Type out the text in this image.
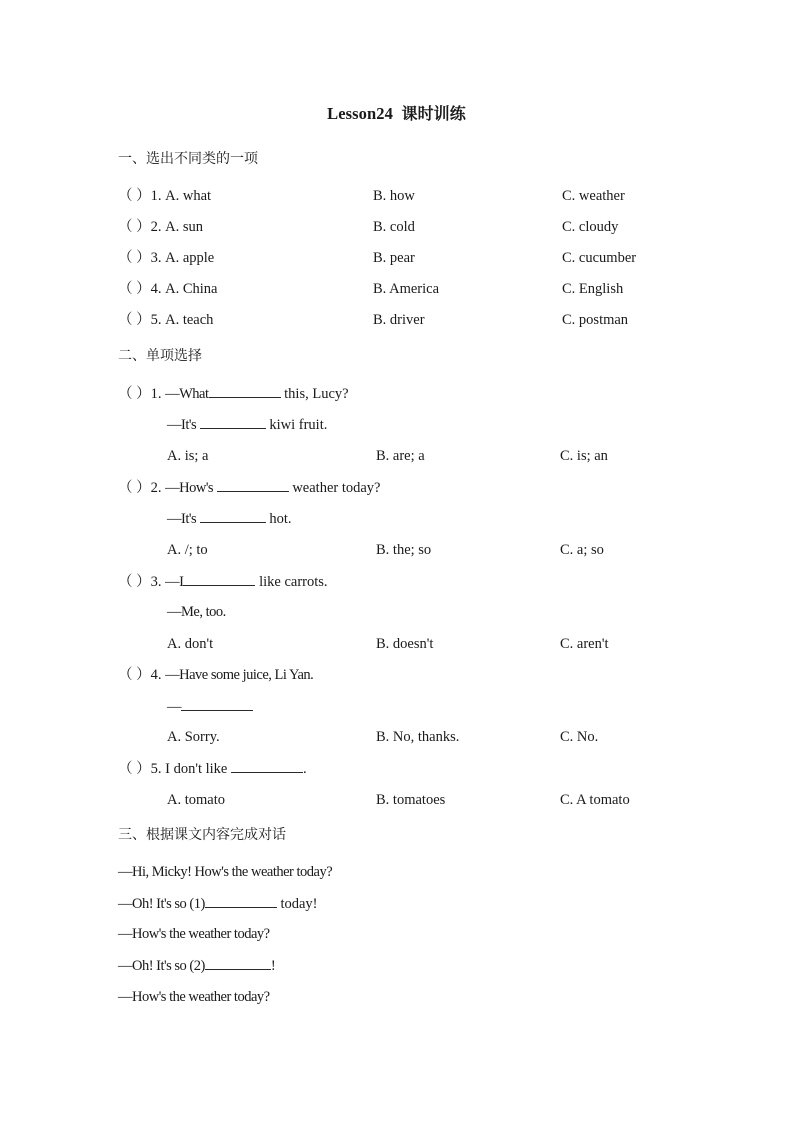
Lesson24 课时训练
一、选出不同类的一项
（ ）1. A. what	B. how	C. weather
（ ）2. A. sun	B. cold	C. cloudy
（ ）3. A. apple	B. pear	C. cucumber
（ ）4. A. China	B. America	C. English
（ ）5. A. teach	B. driver	C. postman
二、单项选择
（ ）1. —What	this, Lucy?
—It's	kiwi fruit.
A. is; a	B. are; a	C. is; an
（ ）2. —How's	weather today?
—It's	hot.
A. /; to	B. the; so	C. a; so
（ ）3. —I	like carrots.
—Me, too.
A. don't	B. doesn't	C. aren't
（ ）4. —Have some juice, Li Yan.
—
A. Sorry.	B. No, thanks.	C. No.
（ ）5. I don't like	.
A. tomato	B. tomatoes	C. A tomato
三、根据课文内容完成对话
—Hi, Micky! How's the weather today?
—Oh! It's so (1)	today!
—How's the weather today?
—Oh! It's so (2)	!
—How's the weather today?
